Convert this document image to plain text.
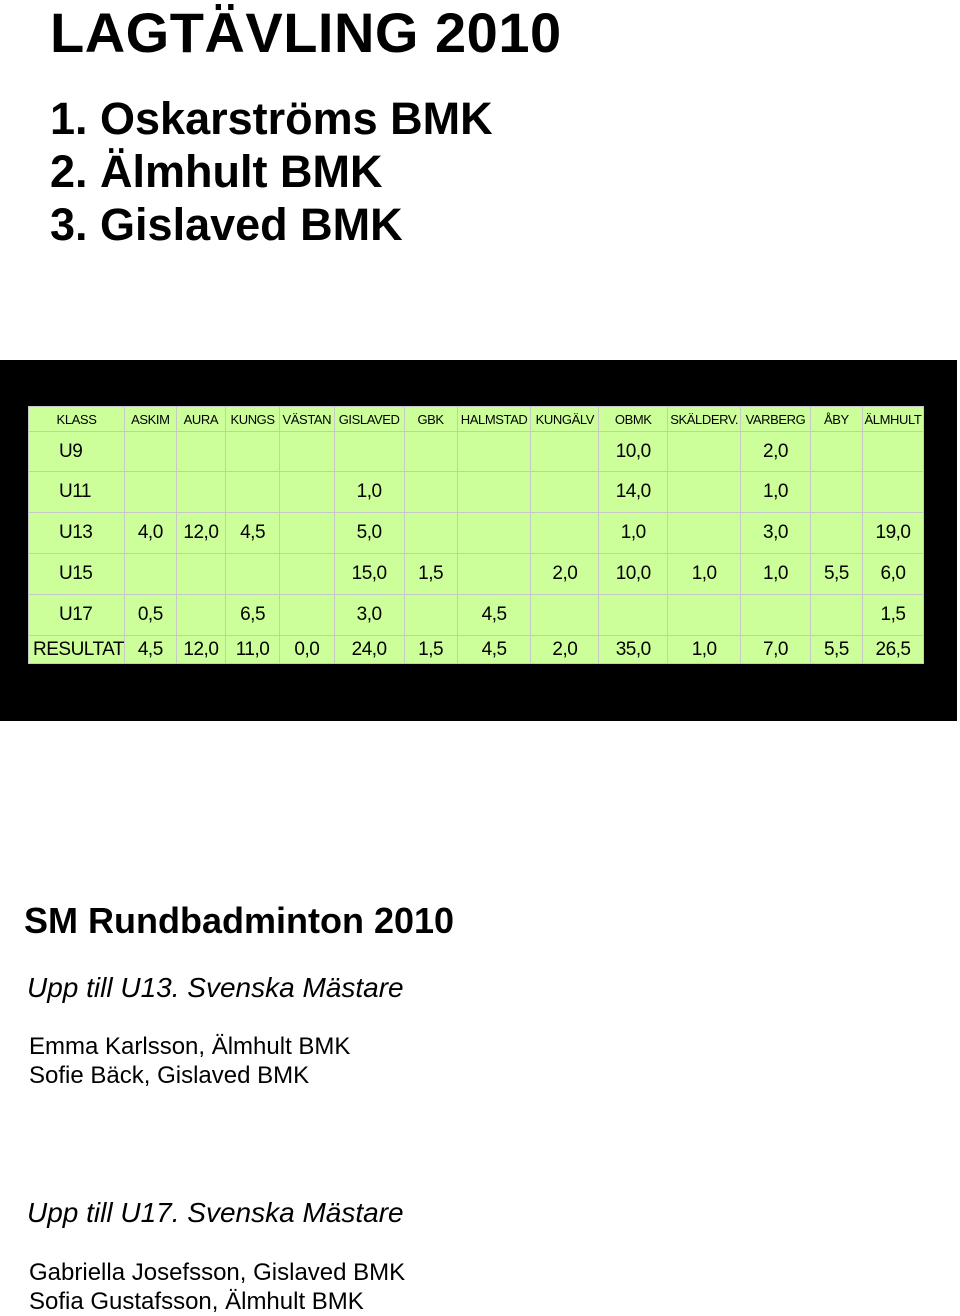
LAGTÄVLING 2010
1. Oskarströms BMK
2. Älmhult BMK
3. Gislaved BMK
KLASS	ASKIM	AURA	KUNGS	VÄSTAN	GISLAVED	GBK	HALMSTAD	KUNGÄLV	OBMK	SKÄLDERV.	VARBERG	ÅBY	ÄLMHULT
U9									10,0		2,0		
U11					1,0				14,0		1,0		
U13	4,0	12,0	4,5		5,0				1,0		3,0		19,0
U15					15,0	1,5		2,0	10,0	1,0	1,0	5,5	6,0
U17	0,5		6,5		3,0		4,5						1,5
RESULTAT	4,5	12,0	11,0	0,0	24,0	1,5	4,5	2,0	35,0	1,0	7,0	5,5	26,5
SM Rundbadminton 2010
Upp till U13. Svenska Mästare
Emma Karlsson, Älmhult BMK
Sofie Bäck, Gislaved BMK
Upp till U17. Svenska Mästare
Gabriella Josefsson, Gislaved BMK
Sofia Gustafsson, Älmhult BMK
